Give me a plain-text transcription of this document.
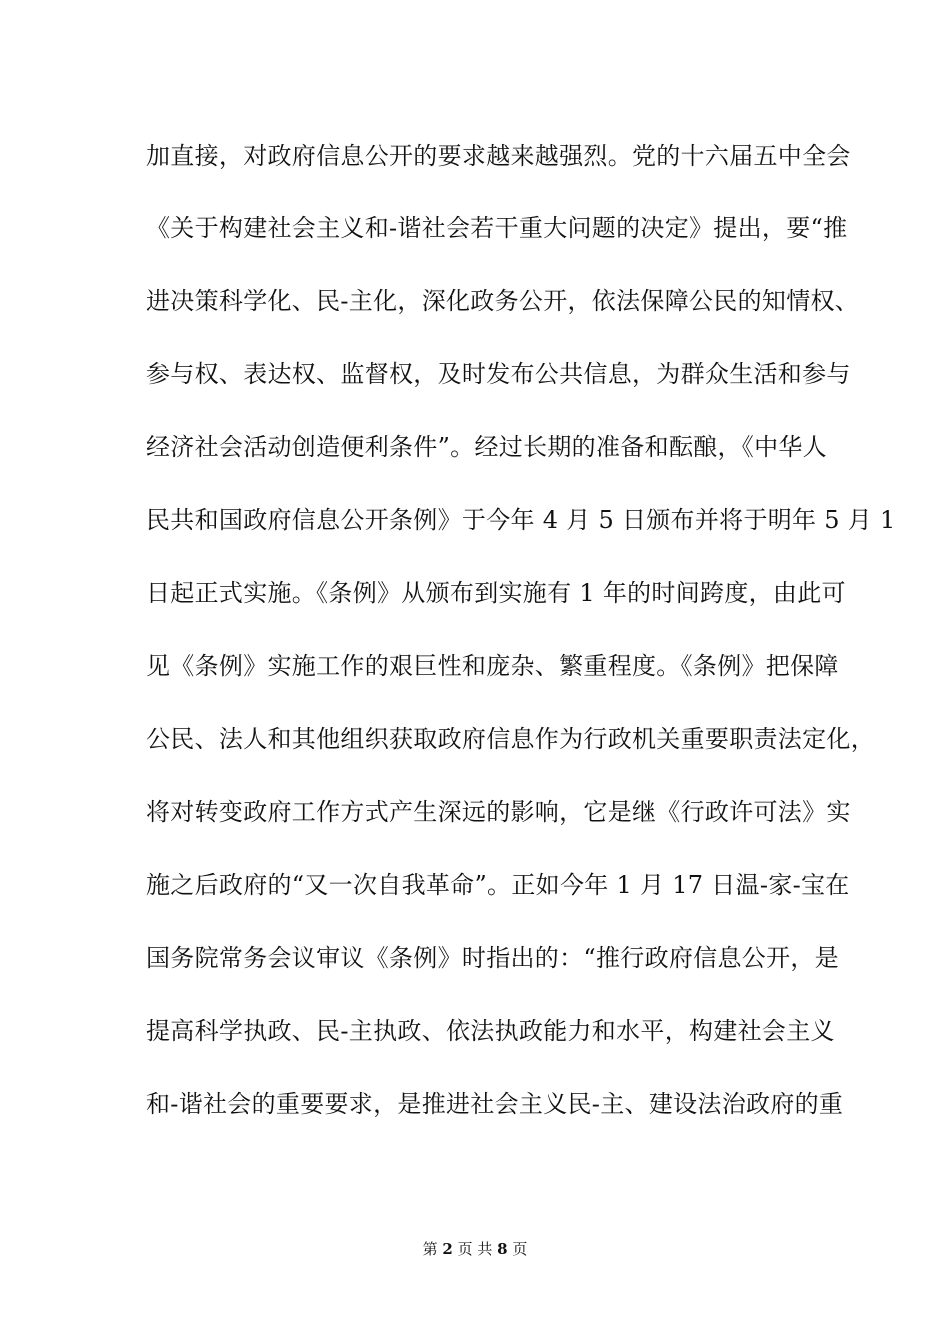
加直接，对政府信息公开的要求越来越强烈。党的十六届五中全会
《关于构建社会主义和-谐社会若干重大问题的决定》提出，要“推
进决策科学化、民-主化，深化政务公开，依法保障公民的知情权、
参与权、表达权、监督权，及时发布公共信息，为群众生活和参与
经济社会活动创造便利条件”。经过长期的准备和酝酿，《中华人
民共和国政府信息公开条例》于今年 4 月 5 日颁布并将于明年 5 月 1
日起正式实施。《条例》从颁布到实施有 1 年的时间跨度，由此可
见《条例》实施工作的艰巨性和庞杂、繁重程度。《条例》把保障
公民、法人和其他组织获取政府信息作为行政机关重要职责法定化，
将对转变政府工作方式产生深远的影响，它是继《行政许可法》实
施之后政府的“又一次自我革命”。正如今年 1 月 17 日温-家-宝在
国务院常务会议审议《条例》时指出的：“推行政府信息公开，是
提高科学执政、民-主执政、依法执政能力和水平，构建社会主义
和-谐社会的重要要求，是推进社会主义民-主、建设法治政府的重
第 2 页 共 8 页
